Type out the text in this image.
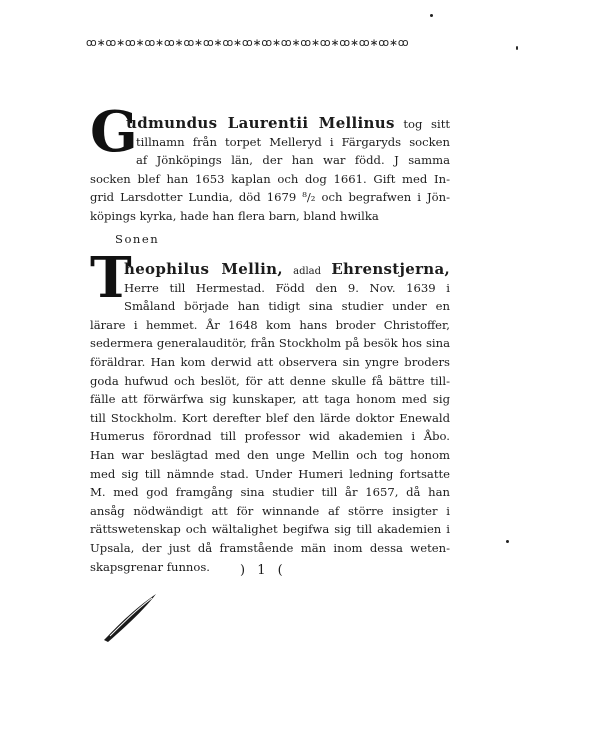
ꝏ∗ꝏ∗ꝏ∗ꝏ∗ꝏ∗ꝏ∗ꝏ∗ꝏ∗ꝏ∗ꝏ∗ꝏ∗ꝏ∗ꝏ∗ꝏ∗ꝏ∗ꝏ∗ꝏ
G
udmundus Laurentii Mellinus tog sitt
tillnamn från torpet Melleryd i Färgaryds socken
af Jönköpings län, der han war född. J samma
socken blef han 1653 kaplan och dog 1661. Gift med In-
grid Larsdotter Lundia, död 1679 ⁸/₂ och begrafwen i Jön-
köpings kyrka, hade han flera barn, bland hwilka
Sonen
T
heophilus Mellin, adlad Ehrenstjerna,
Herre till Hermestad. Född den 9. Nov. 1639 i
Småland började han tidigt sina studier under en
lärare i hemmet. År 1648 kom hans broder Christoffer,
sedermera generalauditör, från Stockholm på besök hos sina
föräldrar. Han kom derwid att observera sin yngre broders
goda hufwud och beslöt, för att denne skulle få bättre till-
fälle att förwärfwa sig kunskaper, att taga honom med sig
till Stockholm. Kort derefter blef den lärde doktor Enewald
Humerus förordnad till professor wid akademien i Åbo.
Han war beslägtad med den unge Mellin och tog honom
med sig till nämnde stad. Under Humeri ledning fortsatte
M. med god framgång sina studier till år 1657, då han
ansåg nödwändigt att för winnande af större insigter i
rättswetenskap och wältalighet begifwa sig till akademien i
Upsala, der just då framstående män inom dessa weten-
skapsgrenar funnos.	) 1 (
